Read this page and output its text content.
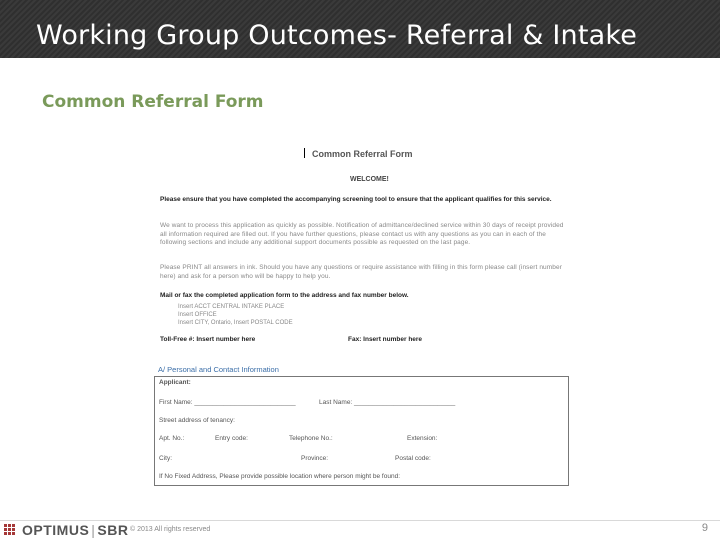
Working Group Outcomes- Referral & Intake
Common Referral Form
Common Referral Form
WELCOME!
Please ensure that you have completed the accompanying screening tool to ensure that the applicant qualifies for this service.
We want to process this application as quickly as possible. Notification of admittance/declined service within 30 days of receipt provided all information required are filled out. If you have further questions, please contact us with any questions as you can in each of the following sections and include any additional support documents possible as requested on the last page.
Please PRINT all answers in ink. Should you have any questions or require assistance with filling in this form please call (insert number here) and ask for a person who will be happy to help you.
Mail or fax the completed application form to the address and fax number below.
Insert ACCT CENTRAL INTAKE PLACE
Insert OFFICE
Insert CITY, Ontario, Insert POSTAL CODE
Toll-Free #: Insert number here	Fax: Insert number here
A/ Personal and Contact Information
Applicant:
First Name: ____________________________	Last Name: ____________________________
Street address of tenancy:
Apt. No.:	Entry code:	Telephone No.:	Extension:
City:	Province:	Postal code:
If No Fixed Address, Please provide possible location where person might be found:
OPTIMUS | SBR © 2013 All rights reserved	9
